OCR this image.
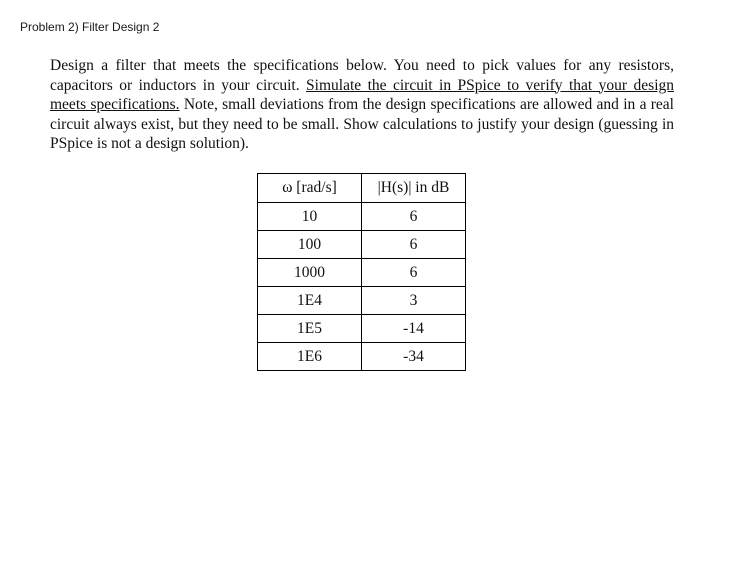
Problem 2) Filter Design 2

Design a filter that meets the specifications below. You need to pick values for any resistors, capacitors or inductors in your circuit. Simulate the circuit in PSpice to verify that your design meets specifications. Note, small deviations from the design specifications are allowed and in a real circuit always exist, but they need to be small. Show calculations to justify your design (guessing in PSpice is not a design solution).

ω [rad/s]	|H(s)| in dB
10	6
100	6
1000	6
1E4	3
1E5	-14
1E6	-34
